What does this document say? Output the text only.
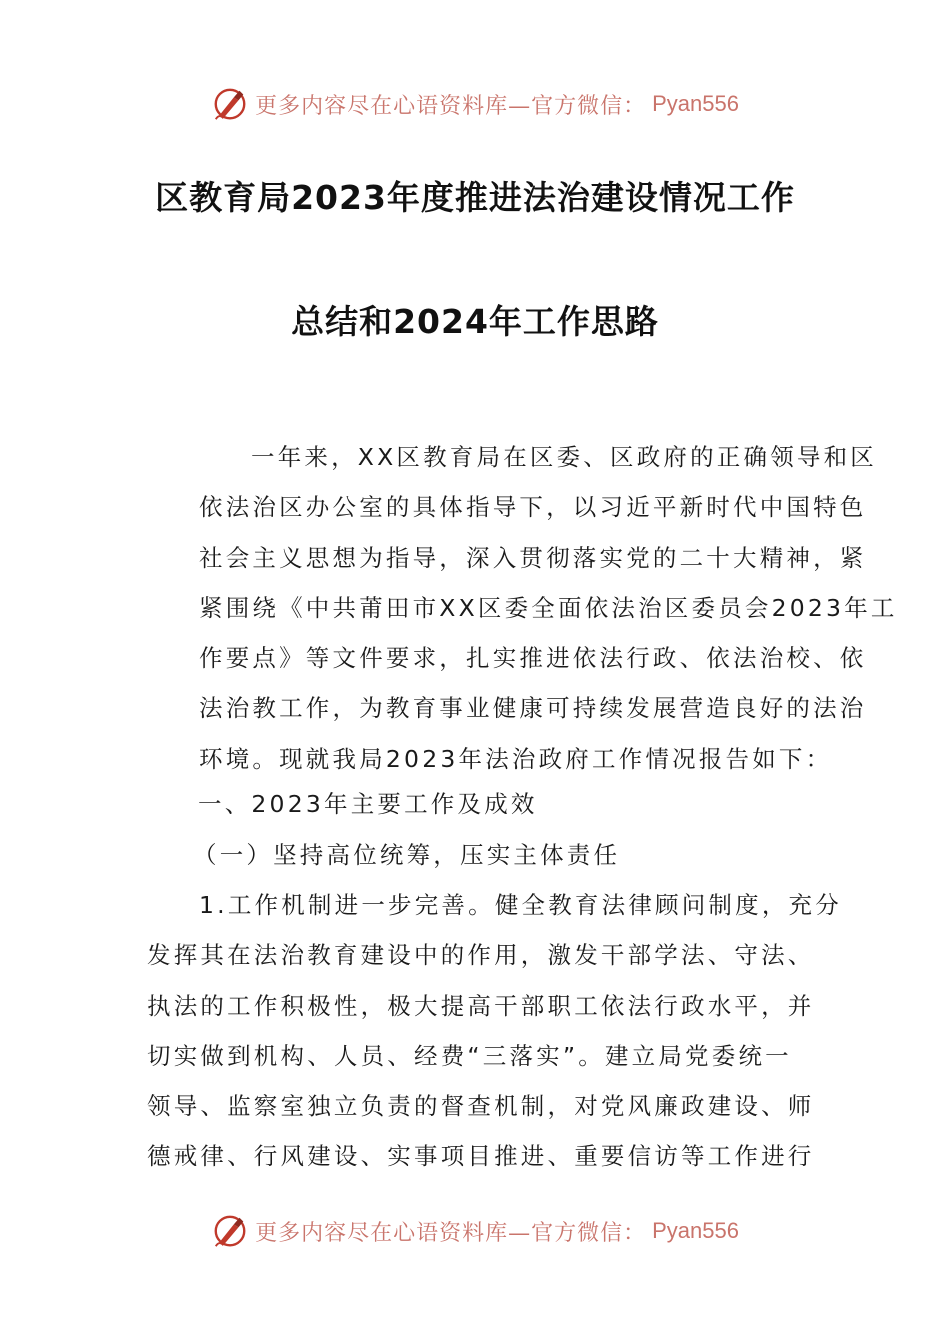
更多内容尽在心语资料库—官方微信： Pyan556
区教育局2023年度推进法治建设情况工作
总结和2024年工作思路
一年来，XX区教育局在区委、区政府的正确领导和区
依法治区办公室的具体指导下，以习近平新时代中国特色
社会主义思想为指导，深入贯彻落实党的二十大精神，紧
紧围绕《中共莆田市XX区委全面依法治区委员会2023年工
作要点》等文件要求，扎实推进依法行政、依法治校、依
法治教工作，为教育事业健康可持续发展营造良好的法治
环境。现就我局2023年法治政府工作情况报告如下：

一、2023年主要工作及成效

（一）坚持高位统筹，压实主体责任

1.工作机制进一步完善。健全教育法律顾问制度，充分
发挥其在法治教育建设中的作用，激发干部学法、守法、
执法的工作积极性，极大提高干部职工依法行政水平，并
切实做到机构、人员、经费“三落实”。建立局党委统一
领导、监察室独立负责的督查机制，对党风廉政建设、师
德戒律、行风建设、实事项目推进、重要信访等工作进行
更多内容尽在心语资料库—官方微信： Pyan556
